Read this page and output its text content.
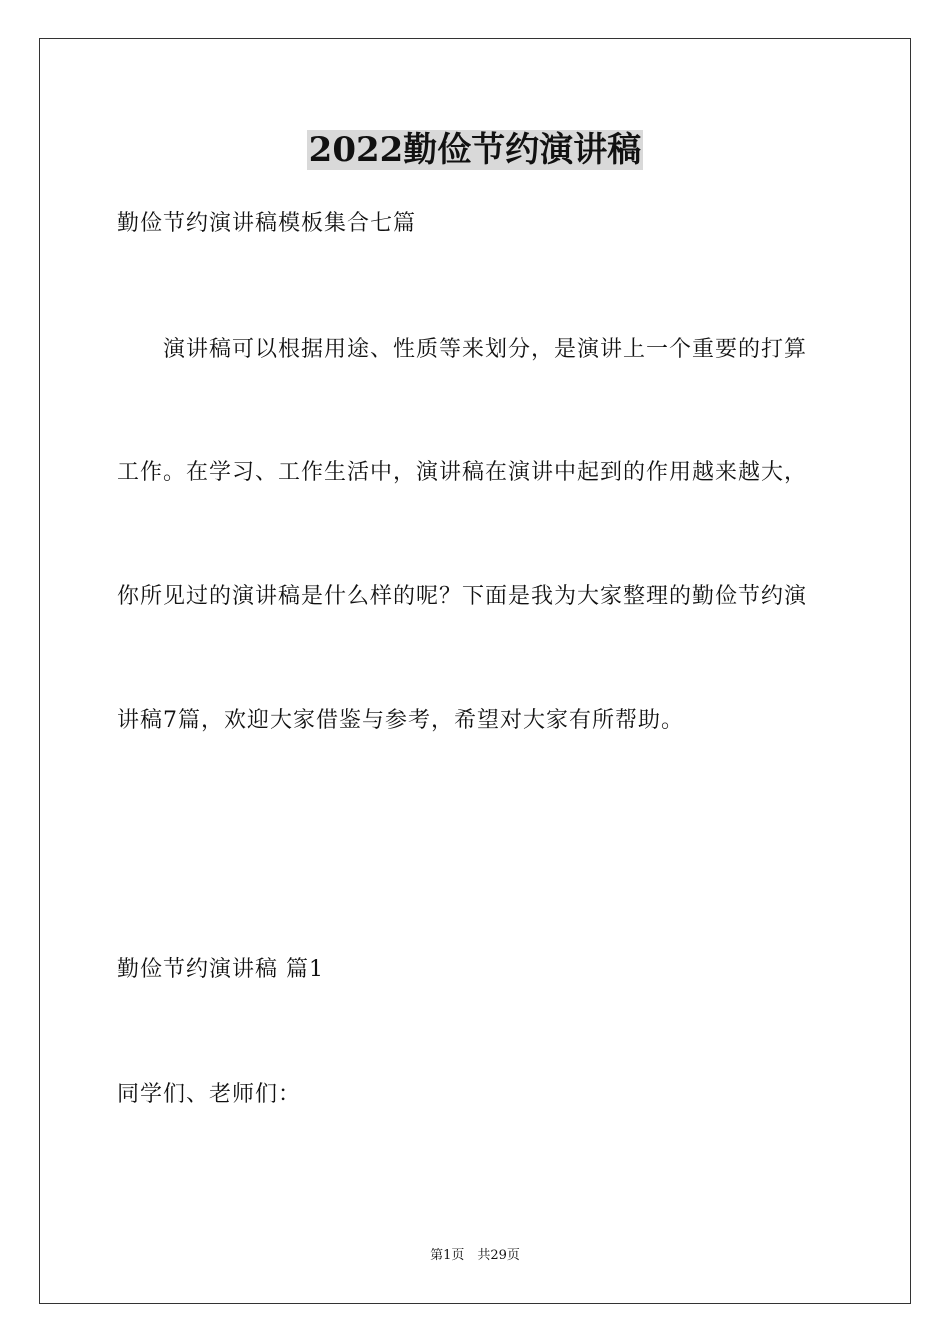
2022勤俭节约演讲稿
勤俭节约演讲稿模板集合七篇
演讲稿可以根据用途、性质等来划分，是演讲上一个重要的打算
工作。在学习、工作生活中，演讲稿在演讲中起到的作用越来越大，
你所见过的演讲稿是什么样的呢？下面是我为大家整理的勤俭节约演
讲稿7篇，欢迎大家借鉴与参考，希望对大家有所帮助。
勤俭节约演讲稿 篇1
同学们、老师们：
第1页　共29页
